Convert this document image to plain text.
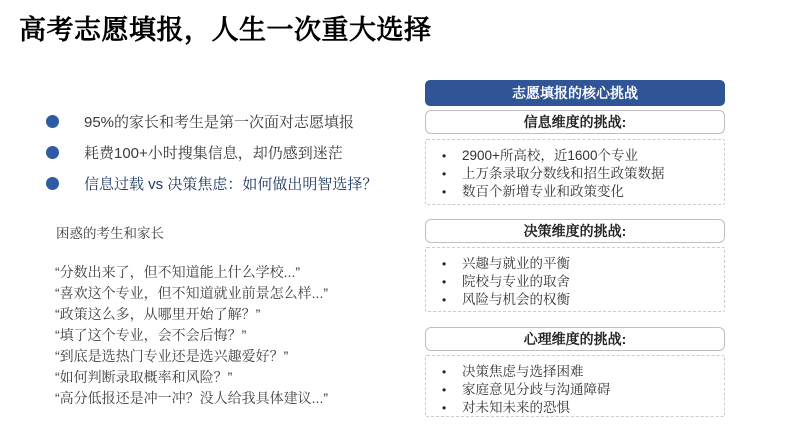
高考志愿填报，人生一次重大选择
95%的家长和考生是第一次面对志愿填报
耗费100+小时搜集信息，却仍感到迷茫
信息过载 vs 决策焦虑：如何做出明智选择？
困惑的考生和家长

“分数出来了，但不知道能上什么学校...”

“喜欢这个专业，但不知道就业前景怎么样...”

“政策这么多，从哪里开始了解？”

“填了这个专业，会不会后悔？”

“到底是选热门专业还是选兴趣爱好？”

“如何判断录取概率和风险？”

“高分低报还是冲一冲？没人给我具体建议...”

志愿填报的核心挑战
信息维度的挑战:
• 2900+所高校，近1600个专业
• 上万条录取分数线和招生政策数据
• 数百个新增专业和政策变化
决策维度的挑战:
• 兴趣与就业的平衡
• 院校与专业的取舍
• 风险与机会的权衡
心理维度的挑战:
• 决策焦虑与选择困难
• 家庭意见分歧与沟通障碍
• 对未知未来的恐惧
